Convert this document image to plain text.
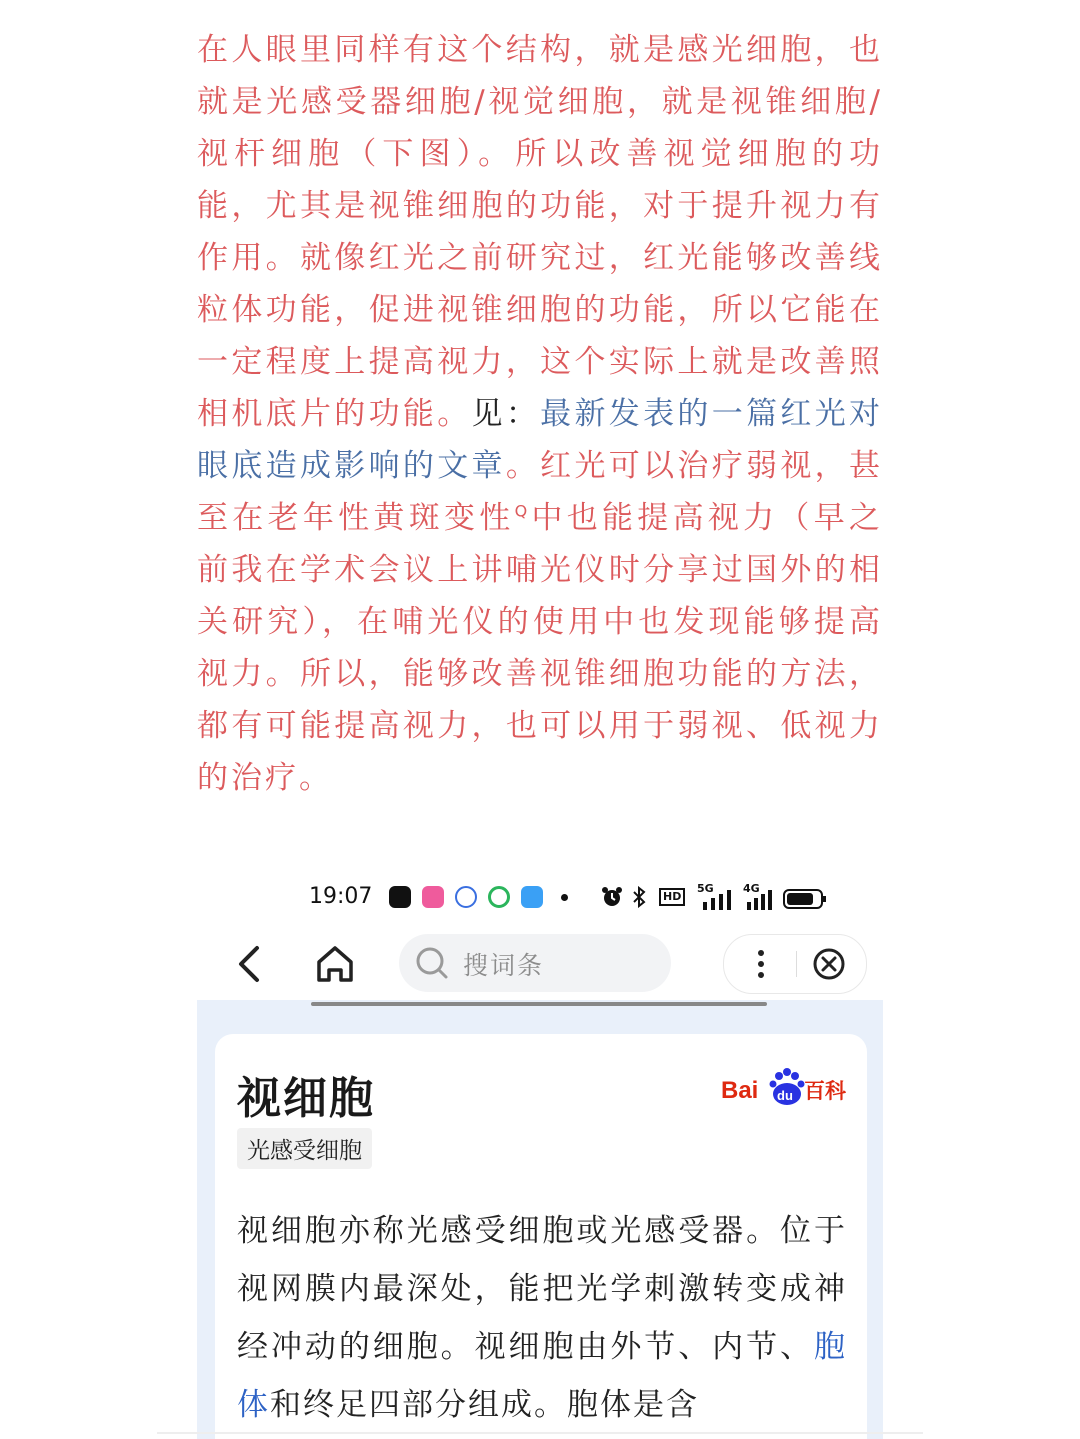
在人眼里同样有这个结构，就是感光细胞，也就是光感受器细胞/视觉细胞，就是视锥细胞/视杆细胞（下图）。所以改善视觉细胞的功能，尤其是视锥细胞的功能，对于提升视力有作用。就像红光之前研究过，红光能够改善线粒体功能，促进视锥细胞的功能，所以它能在一定程度上提高视力，这个实际上就是改善照相机底片的功能。见：最新发表的一篇红光对眼底造成影响的文章。红光可以治疗弱视，甚至在老年性黄斑变性$^Q$中也能提高视力（早之前我在学术会议上讲哺光仪时分享过国外的相关研究），在哺光仪的使用中也发现能够提高视力。所以，能够改善视锥细胞功能的方法，都有可能提高视力，也可以用于弱视、低视力的治疗。
19:07	HD
5G	4G
搜词条
视细胞	Bai du 百科
光感受细胞
视细胞亦称光感受细胞或光感受器。位于视网膜内最深处，能把光学刺激转变成神经冲动的细胞。视细胞由外节、内节、胞体和终足四部分组成。胞体是含
